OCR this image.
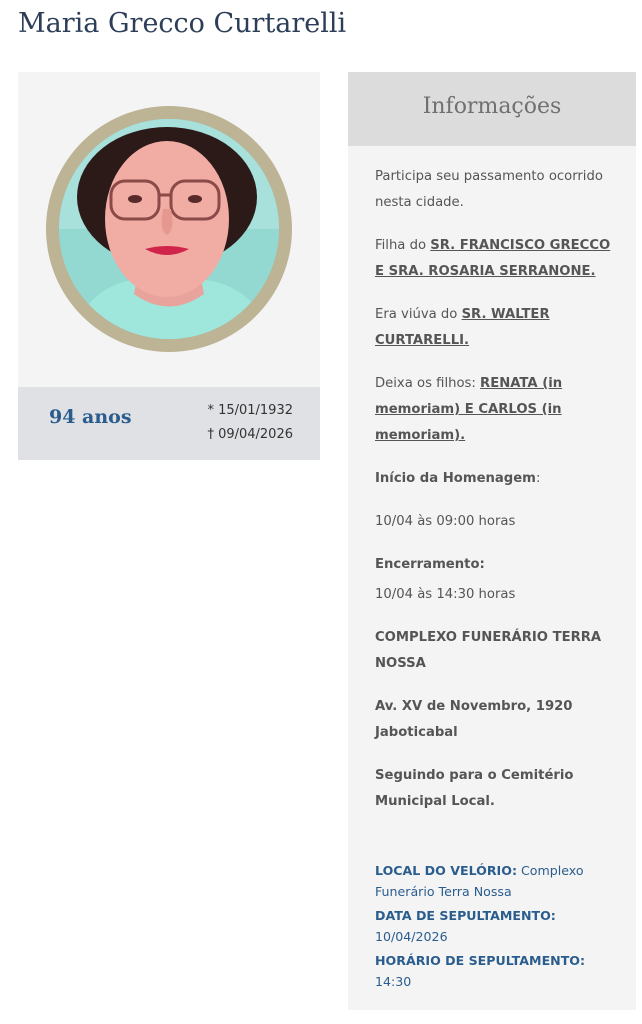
Maria Grecco Curtarelli
94 anos	* 15/01/1932
† 09/04/2026
Informações

Participa seu passamento ocorrido nesta cidade.

Filha do SR. FRANCISCO GRECCO E SRA. ROSARIA SERRANONE.

Era viúva do SR. WALTER CURTARELLI.

Deixa os filhos: RENATA (in memoriam) E CARLOS (in memoriam).

Início da Homenagem:

10/04 às 09:00 horas

Encerramento:

10/04 às 14:30 horas

COMPLEXO FUNERÁRIO TERRA NOSSA

Av. XV de Novembro, 1920 Jaboticabal

Seguindo para o Cemitério Municipal Local.

LOCAL DO VELÓRIO: Complexo Funerário Terra Nossa

DATA DE SEPULTAMENTO: 10/04/2026

HORÁRIO DE SEPULTAMENTO: 14:30
